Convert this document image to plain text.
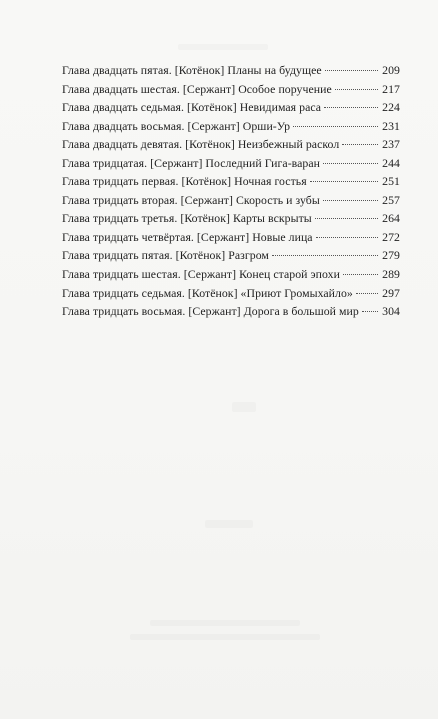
Глава двадцать пятая. [Котёнок] Планы на будущее	209
Глава двадцать шестая. [Сержант] Особое поручение	217
Глава двадцать седьмая. [Котёнок] Невидимая раса	224
Глава двадцать восьмая. [Сержант] Орши-Ур	231
Глава двадцать девятая. [Котёнок] Неизбежный раскол	237
Глава тридцатая. [Сержант] Последний Гига-варан	244
Глава тридцать первая. [Котёнок] Ночная гостья	251
Глава тридцать вторая. [Сержант] Скорость и зубы	257
Глава тридцать третья. [Котёнок] Карты вскрыты	264
Глава тридцать четвёртая. [Сержант] Новые лица	272
Глава тридцать пятая. [Котёнок] Разгром	279
Глава тридцать шестая. [Сержант] Конец старой эпохи	289
Глава тридцать седьмая. [Котёнок] «Приют Громыхайло» 297
Глава тридцать восьмая. [Сержант] Дорога в большой мир 304
